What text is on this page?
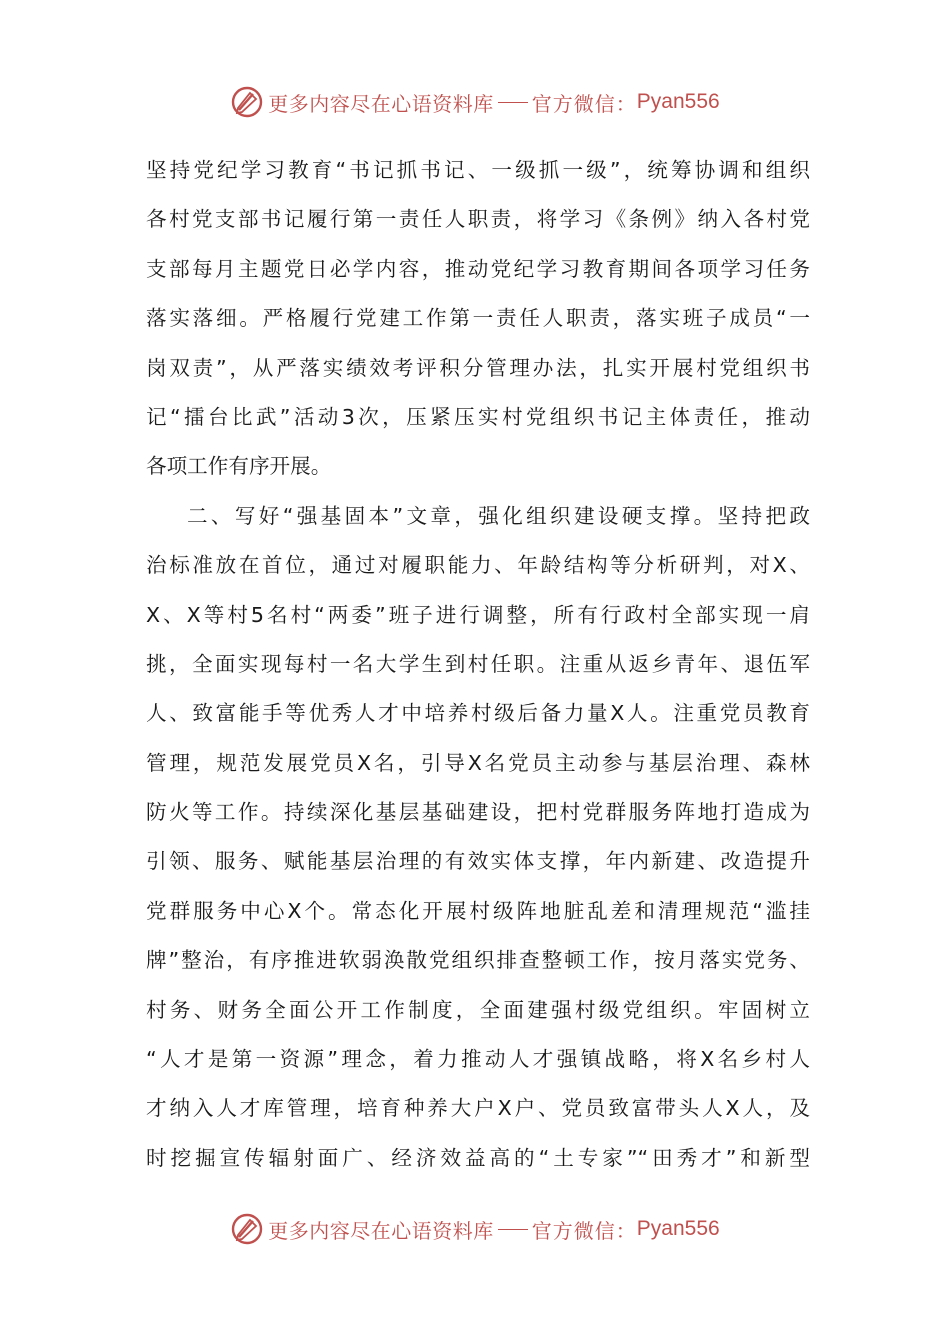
更多内容尽在心语资料库 官方微信： Pyan556
坚持党纪学习教育“书记抓书记、一级抓一级”，统筹协调和组织
各村党支部书记履行第一责任人职责，将学习《条例》纳入各村党
支部每月主题党日必学内容，推动党纪学习教育期间各项学习任务
落实落细。严格履行党建工作第一责任人职责，落实班子成员“一
岗双责”，从严落实绩效考评积分管理办法，扎实开展村党组织书
记“擂台比武”活动3次，压紧压实村党组织书记主体责任，推动
各项工作有序开展。
二、写好“强基固本”文章，强化组织建设硬支撑。坚持把政
治标准放在首位，通过对履职能力、年龄结构等分析研判，对X、
X、X等村5名村“两委”班子进行调整，所有行政村全部实现一肩
挑，全面实现每村一名大学生到村任职。注重从返乡青年、退伍军
人、致富能手等优秀人才中培养村级后备力量X人。注重党员教育
管理，规范发展党员X名，引导X名党员主动参与基层治理、森林
防火等工作。持续深化基层基础建设，把村党群服务阵地打造成为
引领、服务、赋能基层治理的有效实体支撑，年内新建、改造提升
党群服务中心X个。常态化开展村级阵地脏乱差和清理规范“滥挂
牌”整治，有序推进软弱涣散党组织排查整顿工作，按月落实党务、
村务、财务全面公开工作制度，全面建强村级党组织。牢固树立
“人才是第一资源”理念，着力推动人才强镇战略，将X名乡村人
才纳入人才库管理，培育种养大户X户、党员致富带头人X人，及
时挖掘宣传辐射面广、经济效益高的“土专家”“田秀才”和新型
更多内容尽在心语资料库 官方微信： Pyan556
